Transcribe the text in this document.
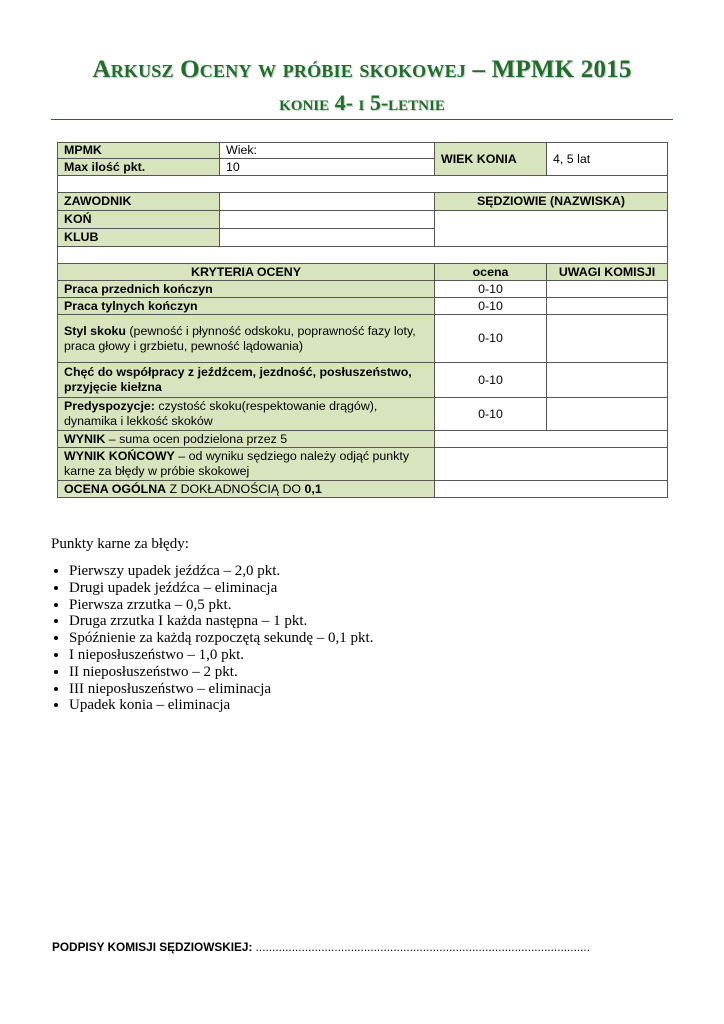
Arkusz Oceny w próbie skokowej – MPMK 2015
konie 4- i 5-letnie
MPMK	Wiek:	WIEK KONIA	4, 5 lat
Max ilość pkt.	10		

ZAWODNIK		SĘDZIOWIE (NAZWISKA)	
KOŃ			
KLUB			

KRYTERIA OCENY		ocena	UWAGI KOMISJI
Praca przednich kończyn		0-10	
Praca tylnych kończyn		0-10	
Styl skoku (pewność i płynność odskoku, poprawność fazy loty, praca głowy i grzbietu, pewność lądowania)		0-10	
Chęć do współpracy z jeźdźcem, jezdność, posłuszeństwo, przyjęcie kiełzna		0-10	
Predyspozycje: czystość skoku(respektowanie drągów), dynamika i lekkość skoków		0-10	
WYNIK – suma ocen podzielona przez 5			
WYNIK KOŃCOWY – od wyniku sędziego należy odjąć punkty karne za błędy w próbie skokowej			
OCENA OGÓLNA Z DOKŁADNOŚCIĄ DO 0,1			
Punkty karne za błędy:
• Pierwszy upadek jeźdźca – 2,0 pkt.
• Drugi upadek jeźdźca – eliminacja
• Pierwsza zrzutka – 0,5 pkt.
• Druga zrzutka I każda następna – 1 pkt.
• Spóźnienie za każdą rozpoczętą sekundę – 0,1 pkt.
• I nieposłuszeństwo – 1,0 pkt.
• II nieposłuszeństwo – 2 pkt.
• III nieposłuszeństwo – eliminacja
• Upadek konia – eliminacja
PODPISY KOMISJI SĘDZIOWSKIEJ: ......................................................................................................
